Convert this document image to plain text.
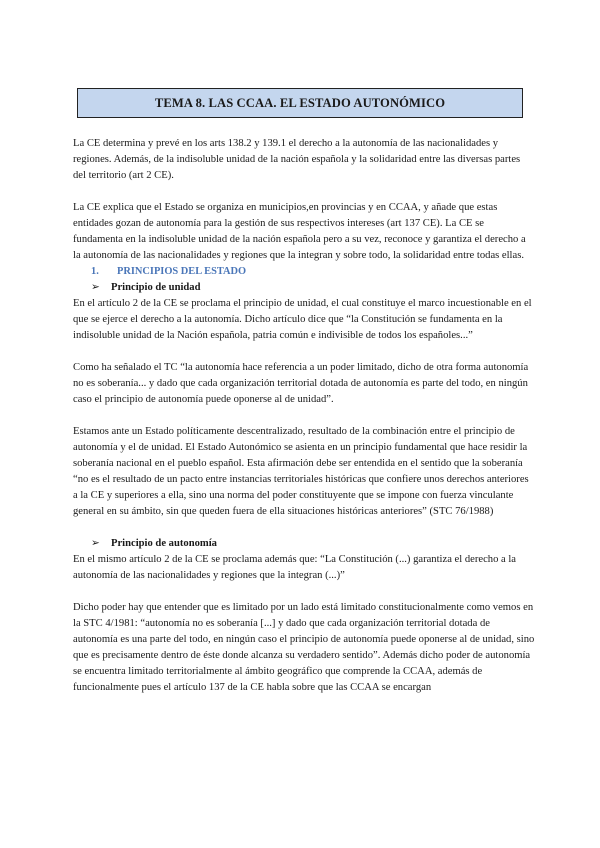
TEMA 8. LAS CCAA. EL ESTADO AUTONÓMICO

La CE determina y prevé en los arts 138.2 y 139.1 el derecho a la autonomía de las nacionalidades y regiones. Además, de la indisoluble unidad de la nación española y la solidaridad entre las diversas partes del territorio (art 2 CE).

La CE explica que el Estado se organiza en municipios,en provincias y en CCAA, y añade que estas entidades gozan de autonomía para la gestión de sus respectivos intereses (art 137 CE). La CE se fundamenta en la indisoluble unidad de la nación española pero a su vez, reconoce y garantiza el derecho a la autonomía de las nacionalidades y regiones que la integran y sobre todo, la solidaridad entre todas ellas.

1. PRINCIPIOS DEL ESTADO
➢ Principio de unidad

En el artículo 2 de la CE se proclama el principio de unidad, el cual constituye el marco incuestionable en el que se ejerce el derecho a la autonomía. Dicho artículo dice que “la Constitución se fundamenta en la indisoluble unidad de la Nación española, patria común e indivisible de todos los españoles...”

Como ha señalado el TC “la autonomía hace referencia a un poder limitado, dicho de otra forma autonomía no es soberanía... y dado que cada organización territorial dotada de autonomía es parte del todo, en ningún caso el principio de autonomía puede oponerse al de unidad”.

Estamos ante un Estado políticamente descentralizado, resultado de la combinación entre el principio de autonomía y el de unidad. El Estado Autonómico se asienta en un principio fundamental que hace residir la soberanía nacional en el pueblo español. Esta afirmación debe ser entendida en el sentido que la soberanía “no es el resultado de un pacto entre instancias territoriales históricas que confiere unos derechos anteriores a la CE y superiores a ella, sino una norma del poder constituyente que se impone con fuerza vinculante general en su ámbito, sin que queden fuera de ella situaciones históricas anteriores” (STC 76/1988)

➢ Principio de autonomía

En el mismo artículo 2 de la CE se proclama además que: “La Constitución (...) garantiza el derecho a la autonomía de las nacionalidades y regiones que la integran (...)”

Dicho poder hay que entender que es limitado por un lado está limitado constitucionalmente como vemos en la STC 4/1981: “autonomía no es soberanía [...] y dado que cada organización territorial dotada de autonomía es una parte del todo, en ningún caso el principio de autonomía puede oponerse al de unidad, sino que es precisamente dentro de éste donde alcanza su verdadero sentido”. Además dicho poder de autonomía se encuentra limitado territorialmente al ámbito geográfico que comprende la CCAA, además de funcionalmente pues el artículo 137 de la CE habla sobre que las CCAA se encargan
